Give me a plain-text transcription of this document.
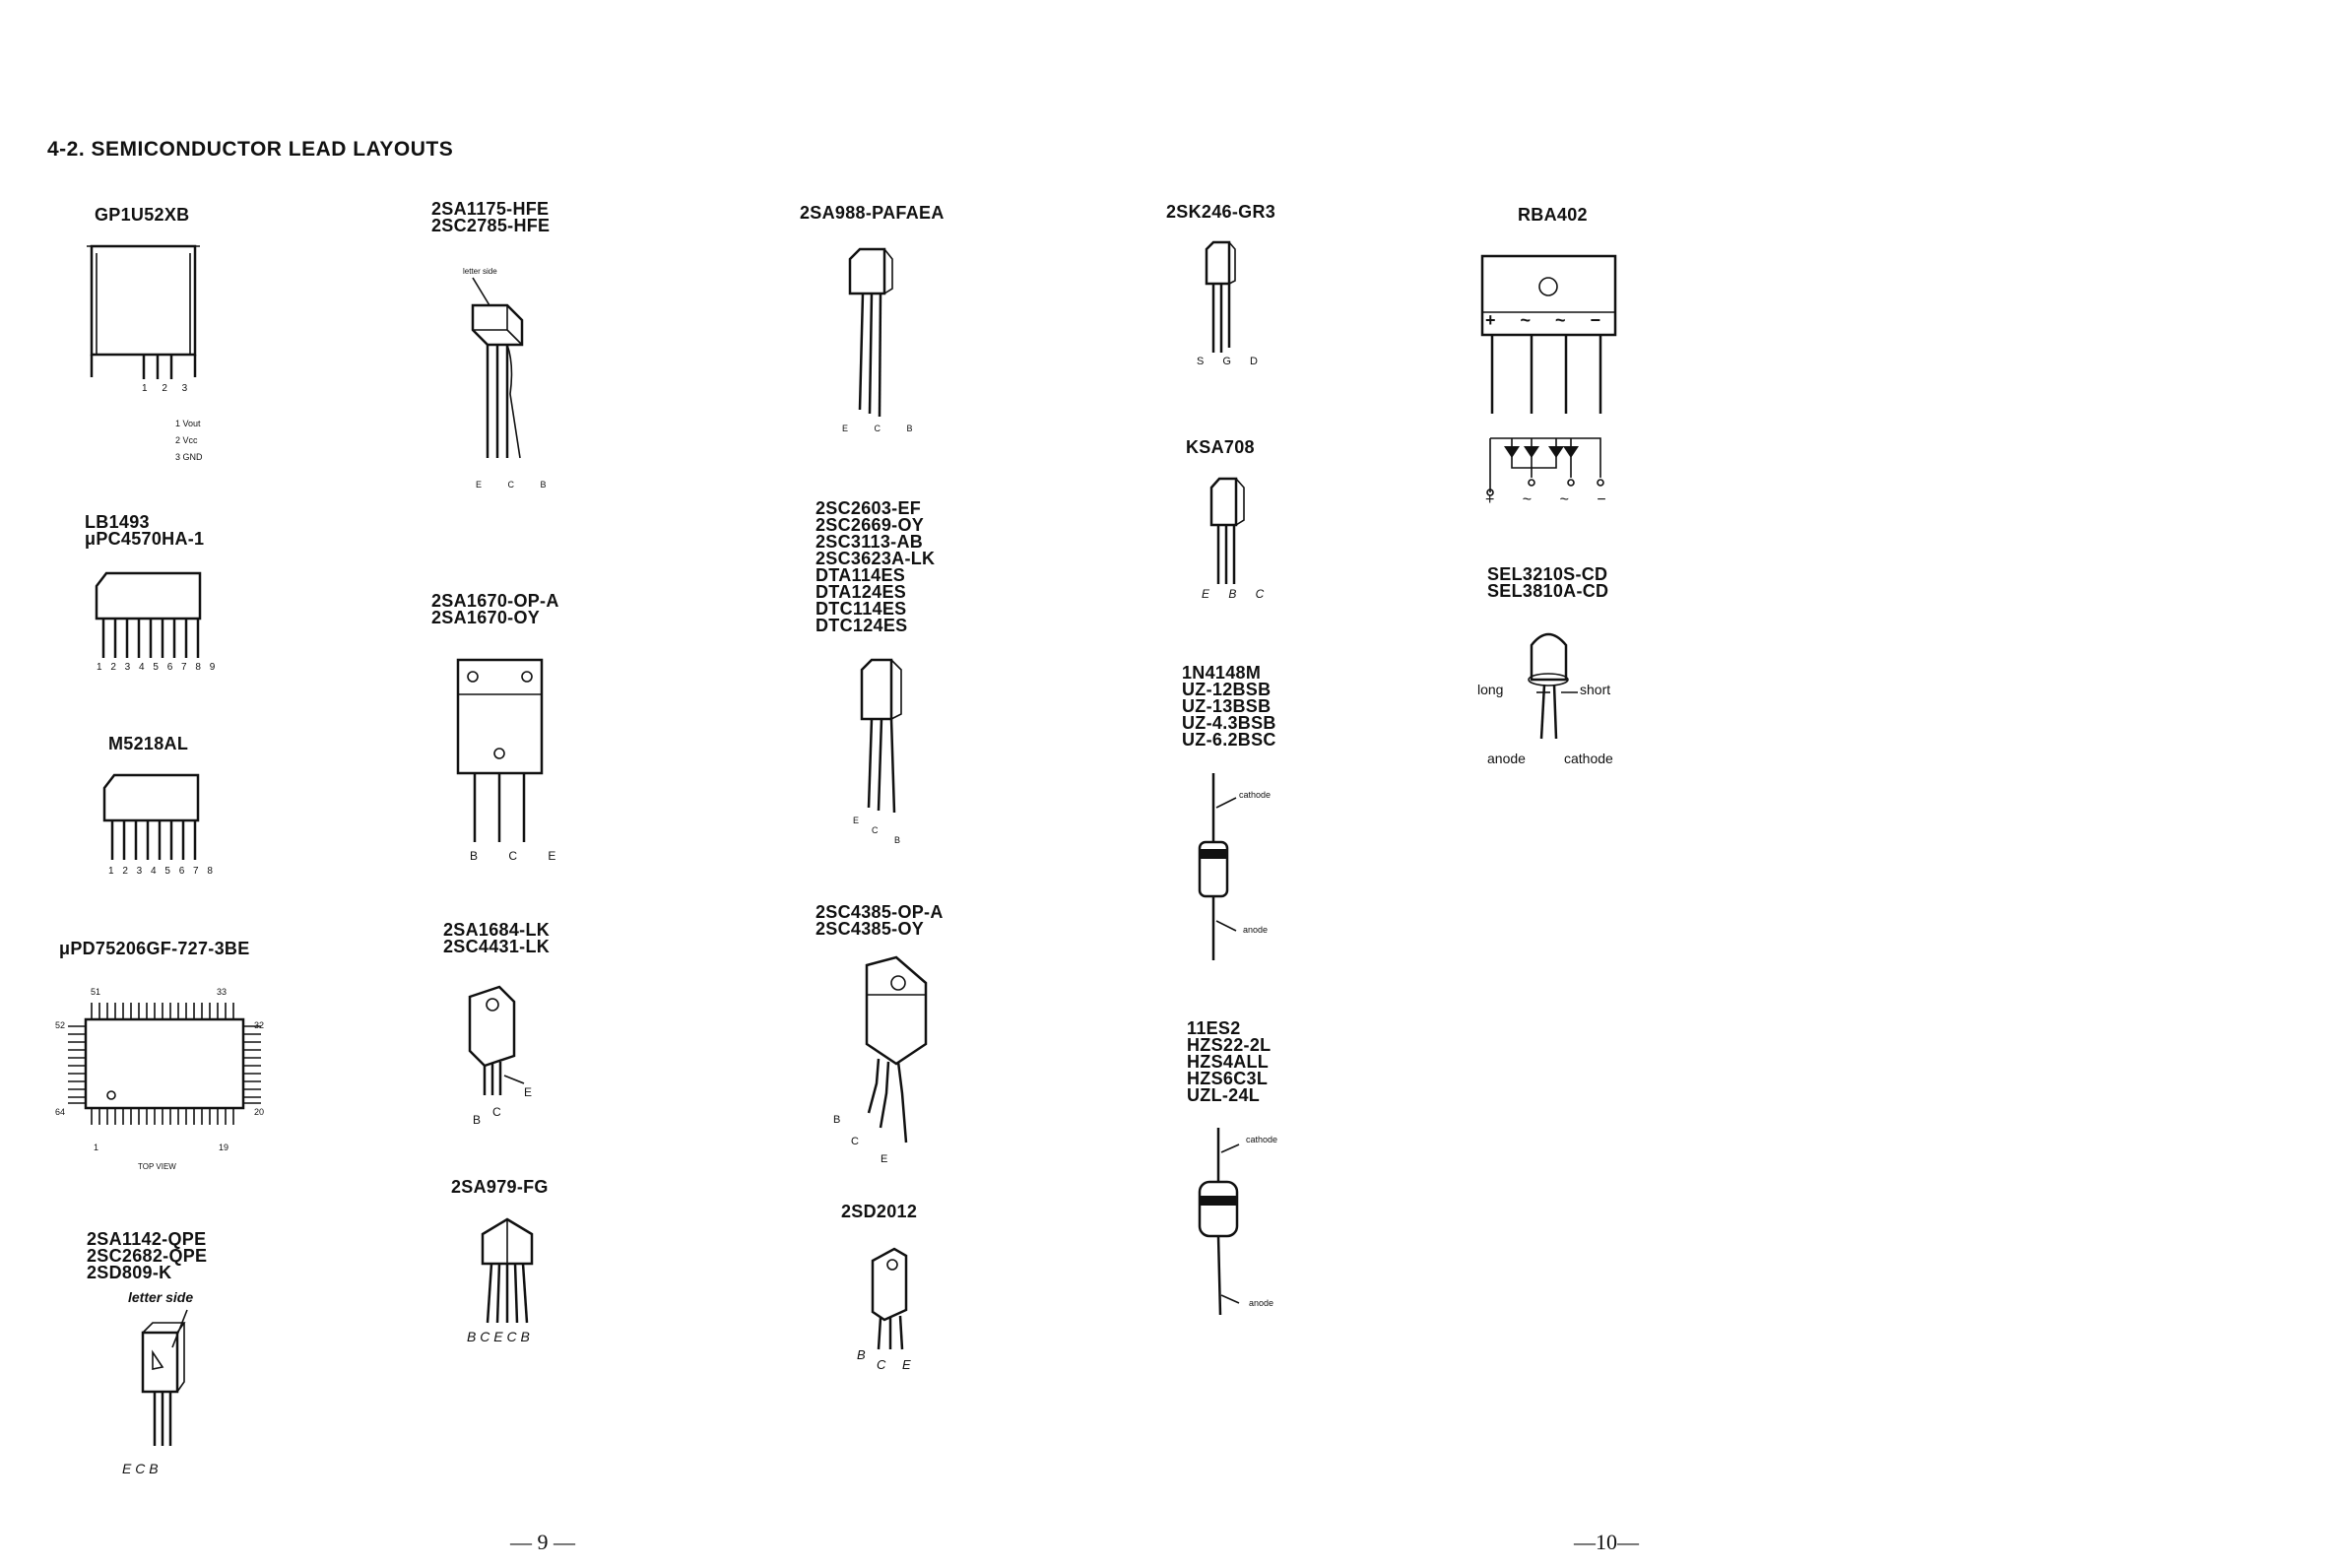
4-2. SEMICONDUCTOR LEAD LAYOUTS
GP1U52XB
1 2 3
1 Vout
2 Vcc
3 GND
LB1493
μPC4570HA-1
1 2 3 4 5 6 7 8 9
M5218AL
1 2 3 4 5 6 7 8
μPD75206GF-727-3BE
51	33
52	32
64	20
1	19
TOP VIEW
2SA1142-QPE
2SC2682-QPE
2SD809-K
letter side
E C B
2SA1175-HFE
2SC2785-HFE
letter side
E C B
2SA1670-OP-A
2SA1670-OY
B C E
2SA1684-LK
2SC4431-LK
E
C
B
2SA979-FG
B C E C B
2SA988-PAFAEA
E C B
2SC2603-EF
2SC2669-OY
2SC3113-AB
2SC3623A-LK
DTA114ES
DTA124ES
DTC114ES
DTC124ES
E
C
B
2SC4385-OP-A
2SC4385-OY
B
C
E
2SD2012
B
C E
2SK246-GR3
S G D
KSA708
E B C
1N4148M
UZ-12BSB
UZ-13BSB
UZ-4.3BSB
UZ-6.2BSC
cathode
anode
11ES2
HZS22-2L
HZS4ALL
HZS6C3L
UZL-24L
cathode
anode
RBA402
+ ~ ~ −
+ ~ ~ −
SEL3210S-CD
SEL3810A-CD
long	short
anode	cathode
— 9 —	—10—
